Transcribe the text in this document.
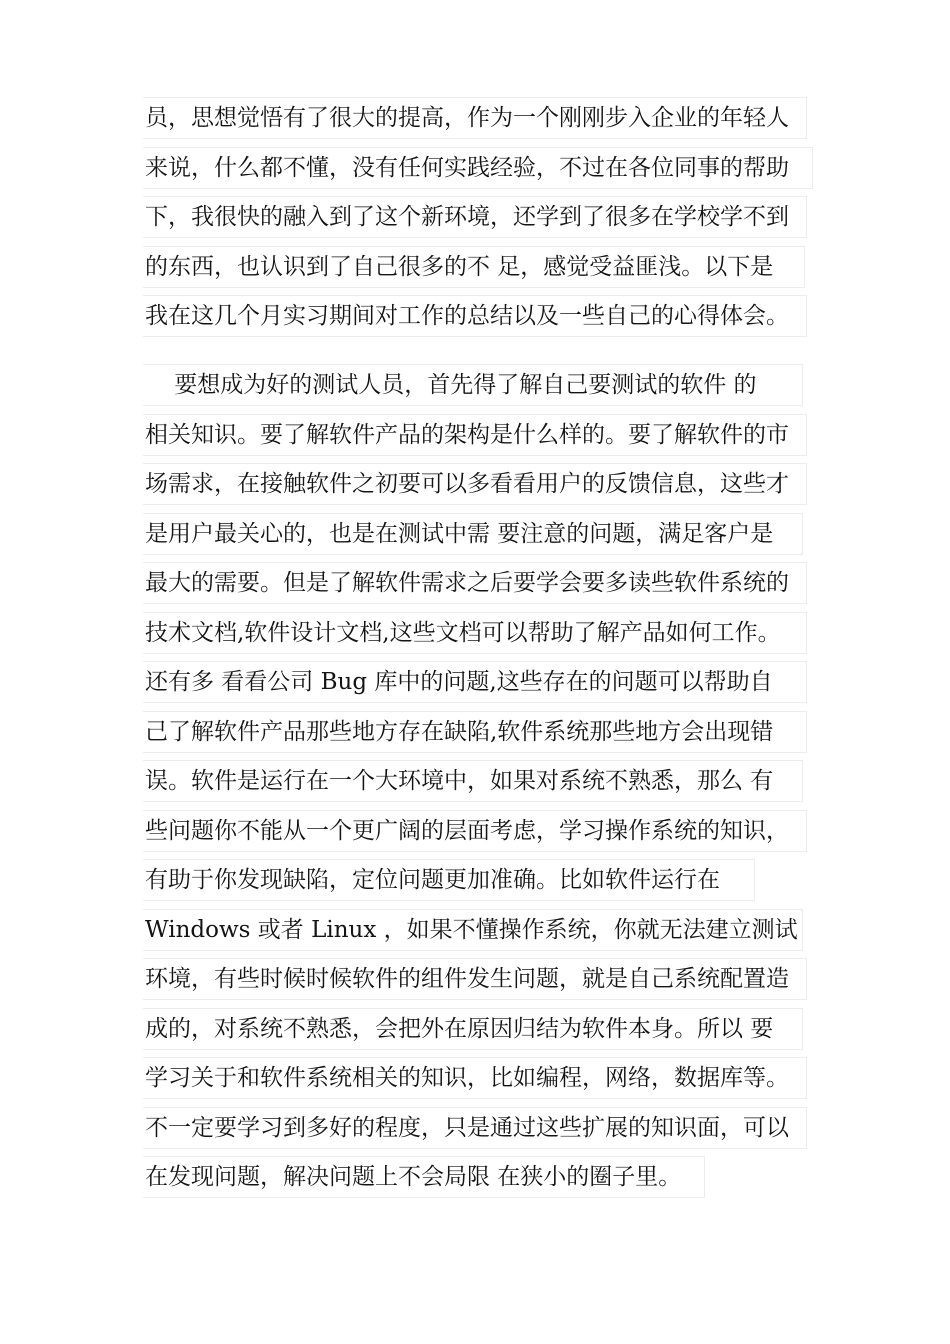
员，思想觉悟有了很大的提高，作为一个刚刚步入企业的年轻人
来说，什么都不懂，没有任何实践经验，不过在各位同事的帮助
下，我很快的融入到了这个新环境，还学到了很多在学校学不到
的东西，也认识到了自己很多的不 足，感觉受益匪浅。以下是
我在这几个月实习期间对工作的总结以及一些自己的心得体会。
要想成为好的测试人员，首先得了解自己要测试的软件 的
相关知识。要了解软件产品的架构是什么样的。要了解软件的市
场需求，在接触软件之初要可以多看看用户的反馈信息，这些才
是用户最关心的，也是在测试中需 要注意的问题，满足客户是
最大的需要。但是了解软件需求之后要学会要多读些软件系统的
技术文档,软件设计文档,这些文档可以帮助了解产品如何工作。
还有多 看看公司 Bug 库中的问题,这些存在的问题可以帮助自
己了解软件产品那些地方存在缺陷,软件系统那些地方会出现错
误。软件是运行在一个大环境中，如果对系统不熟悉，那么 有
些问题你不能从一个更广阔的层面考虑，学习操作系统的知识，
有助于你发现缺陷，定位问题更加准确。比如软件运行在
Windows 或者 Linux ，如果不懂操作系统，你就无法建立测试
环境，有些时候时候软件的组件发生问题，就是自己系统配置造
成的，对系统不熟悉，会把外在原因归结为软件本身。所以 要
学习关于和软件系统相关的知识，比如编程，网络，数据库等。
不一定要学习到多好的程度，只是通过这些扩展的知识面，可以
在发现问题，解决问题上不会局限 在狭小的圈子里。
